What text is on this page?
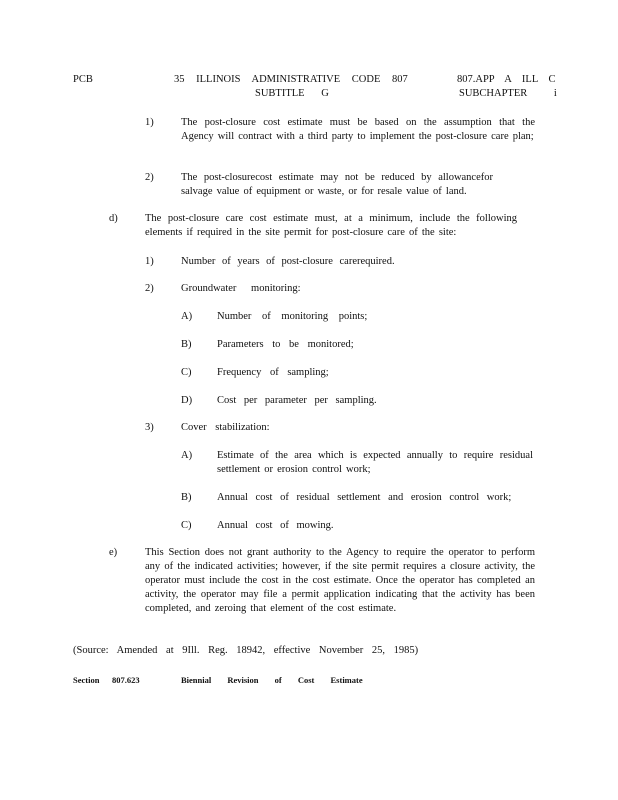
PCB	35 ILLINOIS ADMINISTRATIVE CODE 807
SUBTITLE G
807.APP A ILL C
SUBCHAPTER i
1)	The post-closure cost estimate must be based on the assumption that the Agency will contract with a third party to implement the post-closure care plan;
2)	The post-closurecost estimate may not be reduced by allowancefor salvage value of equipment or waste, or for resale value of land.
d)	The post-closure care cost estimate must, at a minimum, include the following elements if required in the site permit for post-closure care of the site:
1)	Number of years of post-closure carerequired.
2)	Groundwater monitoring:
A) Number of monitoring points;
B) Parameters to be monitored;
C) Frequency of sampling;
D) Cost per parameter per sampling.
3)	Cover stabilization:
A) Estimate of the area which is expected annually to require residual settlement or erosion control work;
B) Annual cost of residual settlement and erosion control work;
C) Annual cost of mowing.
e)	This Section does not grant authority to the Agency to require the operator to perform any of the indicated activities; however, if the site permit requires a closure activity, the operator must include the cost in the cost estimate. Once the operator has completed an activity, the operator may file a permit application indicating that the activity has been completed, and zeroing that element of the cost estimate.
(Source: Amended at 9Ill. Reg. 18942, effective November 25, 1985)
Section 807.623	Biennial Revision of Cost Estimate
